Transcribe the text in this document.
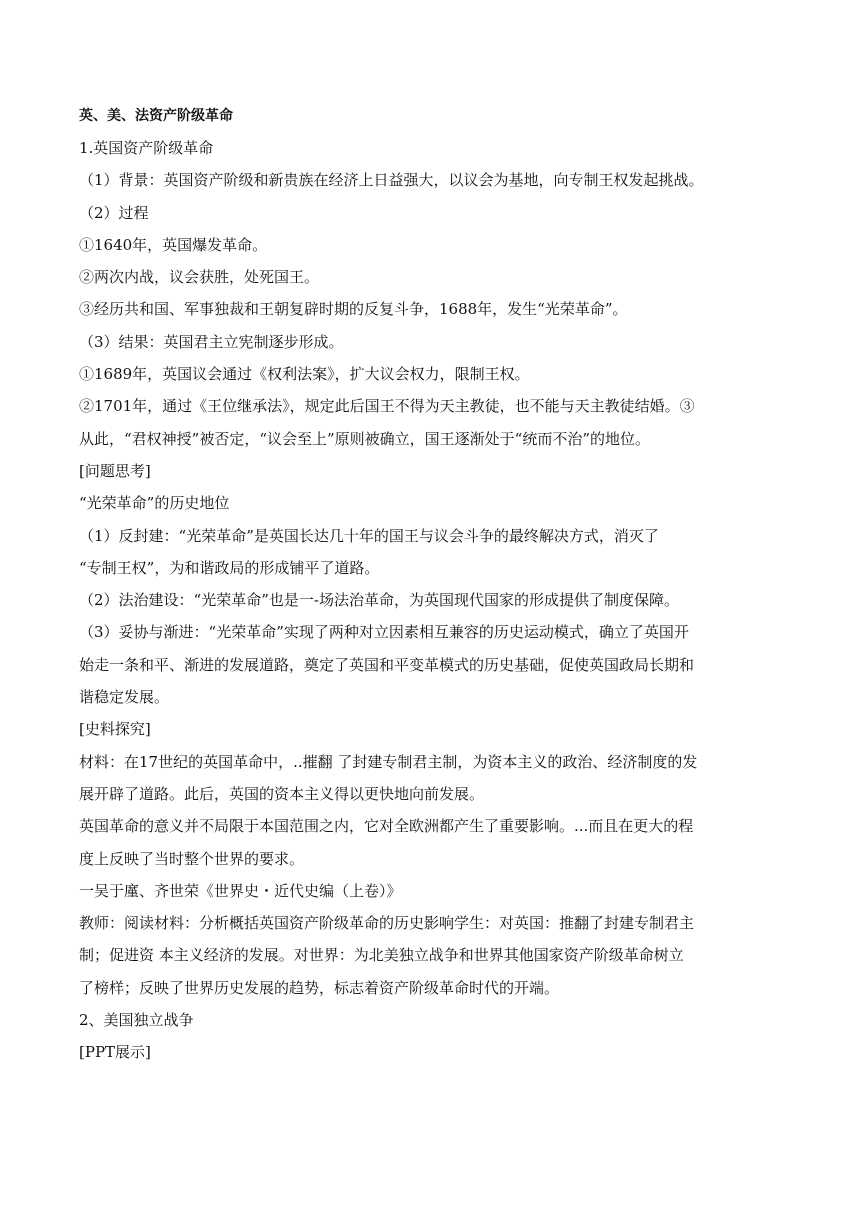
英、美、法资产阶级革命
1.英国资产阶级革命
（1）背景：英国资产阶级和新贵族在经济上日益强大，以议会为基地，向专制王权发起挑战。
（2）过程
①1640年，英国爆发革命。
②两次内战，议会获胜，处死国王。
③经历共和国、军事独裁和王朝复辟时期的反复斗争，1688年，发生“光荣革命”。
（3）结果：英国君主立宪制逐步形成。
①1689年，英国议会通过《权利法案》，扩大议会权力，限制王权。
②1701年，通过《王位继承法》，规定此后国王不得为天主教徒，也不能与天主教徒结婚。③
从此，“君权神授”被否定，“议会至上”原则被确立，国王逐渐处于“统而不治”的地位。
[问题思考]
“光荣革命”的历史地位
（1）反封建：“光荣革命”是英国长达几十年的国王与议会斗争的最终解决方式，消灭了
“专制王权”，为和谐政局的形成铺平了道路。
（2）法治建设：“光荣革命”也是一-场法治革命，为英国现代国家的形成提供了制度保障。
（3）妥协与渐进：“光荣革命”实现了两种对立因素相互兼容的历史运动模式，确立了英国开
始走一条和平、渐进的发展道路，奠定了英国和平变革模式的历史基础，促使英国政局长期和
谐稳定发展。
[史料探究]
材料：在17世纪的英国革命中，..摧翻 了封建专制君主制，为资本主义的政治、经济制度的发
展开辟了道路。此后，英国的资本主义得以更快地向前发展。
英国革命的意义并不局限于本国范围之内，它对全欧洲都产生了重要影响。...而且在更大的程
度上反映了当时整个世界的要求。
一吴于廑、齐世荣《世界史・近代史编（上卷）》
教师：阅读材料：分析概括英国资产阶级革命的历史影响学生：对英国：推翻了封建专制君主
制；促进资 本主义经济的发展。对世界：为北美独立战争和世界其他国家资产阶级革命树立
了榜样；反映了世界历史发展的趋势，标志着资产阶级革命时代的开端。
2、美国独立战争
[PPT展示]
